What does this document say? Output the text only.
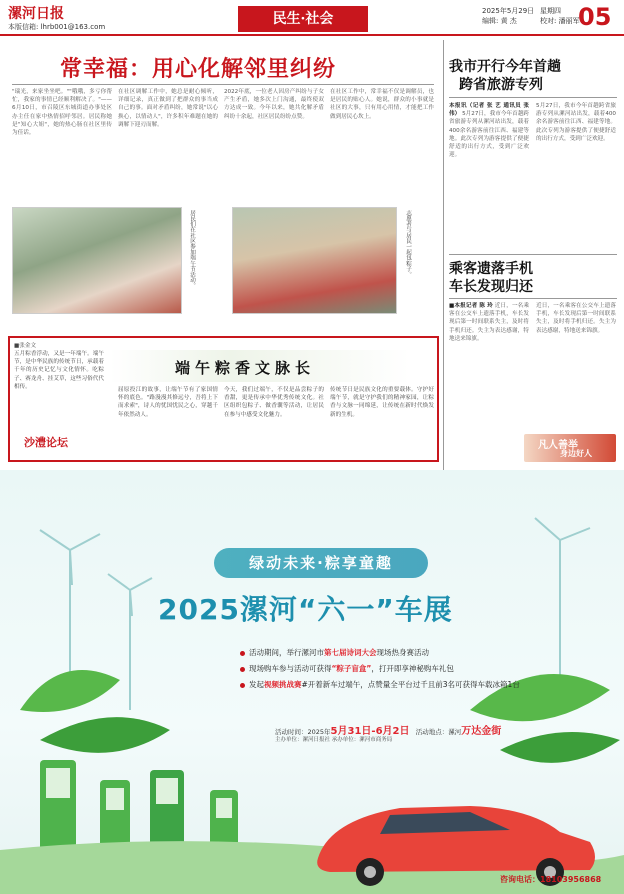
漯河日报
本版信箱: lhrb001@163.com	民生·社会	2025年5月29日
编辑: 黄 杰
星期四
校对: 潘丽军
05
常幸福：用心化解邻里纠纷
"瑞光，来家坐坐吧。""哦哦，多亏你帮忙，我家的事情已经顺利解决了。"——6月10日，市召陵区东城街道办事处区办主任在家中热情招呼邻居。居民称她是"知心大姐"，她的热心肠在社区里传为佳话。
在社区调解工作中，她总是耐心倾听，详细记录，真正做到了把群众的事当成自己的事。面对矛盾纠纷，她常说"以心换心，以情动人"，许多积年难题在她的调解下迎刃而解。
2022年底，一位老人因房产纠纷与子女产生矛盾，她多次上门沟通，最终使双方达成一致。今年以来，她共化解矛盾纠纷十余起，社区居民纷纷点赞。
在社区工作中，常幸福不仅是调解员，也是居民的贴心人。她说，群众的小事就是社区的大事，只有用心用情，才能把工作做到居民心坎上。
居民们在社区参加端午节活动。	志愿者与居民一起包粽子。
端午粽香文脉长
■张金文
五月粽香浮动，又是一年端午。端午节，是中华民族的传统节日，承载着千年的历史记忆与文化情怀。吃粽子、赛龙舟、挂艾草，这些习俗代代相传。
屈原投江的故事，让端午节有了家国情怀的底色。"路漫漫其修远兮，吾将上下而求索"，诗人的忧国忧民之心，穿越千年依然动人。
今天，我们过端午，不仅是品尝粽子的香甜，更是传承中华优秀传统文化。社区组织包粽子、做香囊等活动，让居民在参与中感受文化魅力。
传统节日是民族文化的重要载体。守护好端午节，就是守护我们的精神家园，让粽香与文脉一同绵延，让传统在新时代焕发新的生机。
沙澧论坛
我市开行今年首趟
跨省旅游专列
本报讯（记者 张 艺 通讯员 张 伟） 5月27日，我市今年首趟跨省旅游专列从漯河站出发，载着400余名游客前往江西、福建等地。此次专列为游客提供了便捷舒适的出行方式，受到广泛欢迎。
5月27日，我市今年首趟跨省旅游专列从漯河站出发，载着400余名游客前往江西、福建等地。此次专列为游客提供了便捷舒适的出行方式，受到广泛欢迎。
乘客遗落手机
车长发现归还
■本报记者 陈 玲 近日，一名乘客在公交车上遗落手机，车长发现后第一时间联系失主，及时将手机归还。失主为表达感谢，特地送来锦旗。
近日，一名乘客在公交车上遗落手机，车长发现后第一时间联系失主，及时将手机归还。失主为表达感谢，特地送来锦旗。
凡人善举
身边好人
绿动未来·粽享童趣
2025漯河“六一”车展
活动期间，举行漯河市第七届诗词大会现场热身赛活动
现场购车参与活动可获得“粽子盲盒”，打开即享神秘购车礼包
发起视频挑战赛#开着新车过端午，点赞量全平台过千且前3名可获得车载冰箱1台
活动时间：2025年5月31日-6月2日 活动地点：漯河万达金街
主办单位：漯河日报社 承办单位：漯河市商务局
咨询电话：18103956868
